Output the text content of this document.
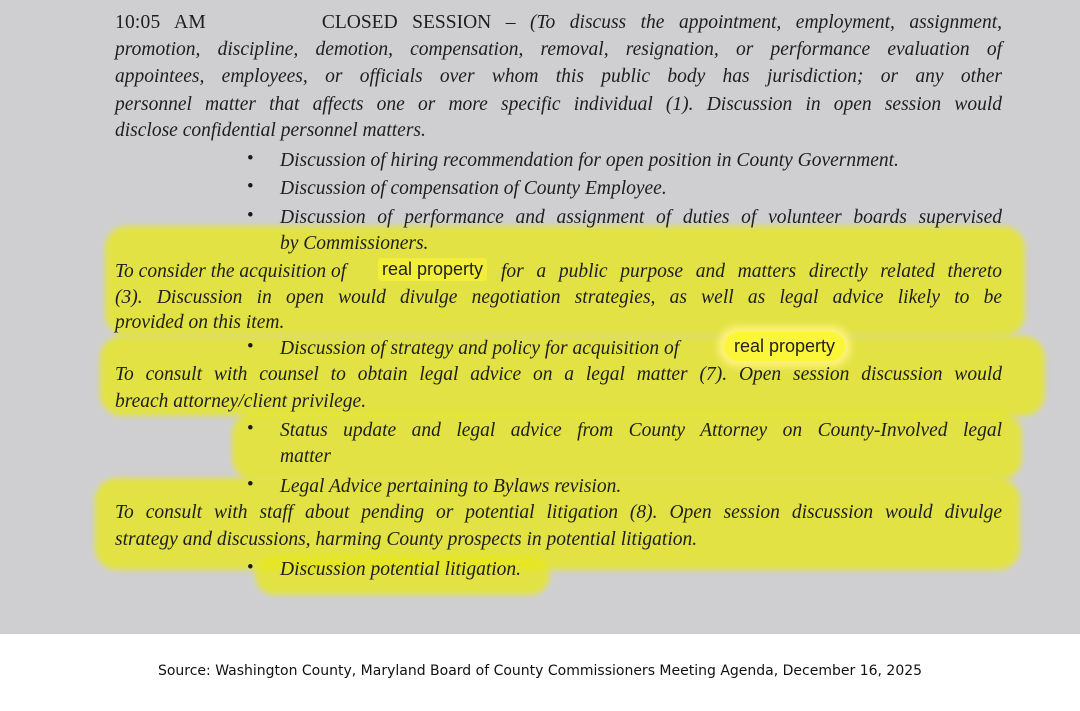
10:05 AM	CLOSED SESSION – (To discuss the appointment, employment, assignment,
promotion, discipline, demotion, compensation, removal, resignation, or performance evaluation of
appointees, employees, or officials over whom this public body has jurisdiction; or any other
personnel matter that affects one or more specific individual (1). Discussion in open session would
disclose confidential personnel matters.
• Discussion of hiring recommendation for open position in County Government.
• Discussion of compensation of County Employee.
• Discussion of performance and assignment of duties of volunteer boards supervised
by Commissioners.
To consider the acquisition of real property for a public purpose and matters directly related thereto
(3). Discussion in open would divulge negotiation strategies, as well as legal advice likely to be
provided on this item.
• Discussion of strategy and policy for acquisition of	real property
To consult with counsel to obtain legal advice on a legal matter (7). Open session discussion would
breach attorney/client privilege.
• Status update and legal advice from County Attorney on County-Involved legal
matter
• Legal Advice pertaining to Bylaws revision.
To consult with staff about pending or potential litigation (8). Open session discussion would divulge
strategy and discussions, harming County prospects in potential litigation.
• Discussion potential litigation.
Source: Washington County, Maryland Board of County Commissioners Meeting Agenda, December 16, 2025
